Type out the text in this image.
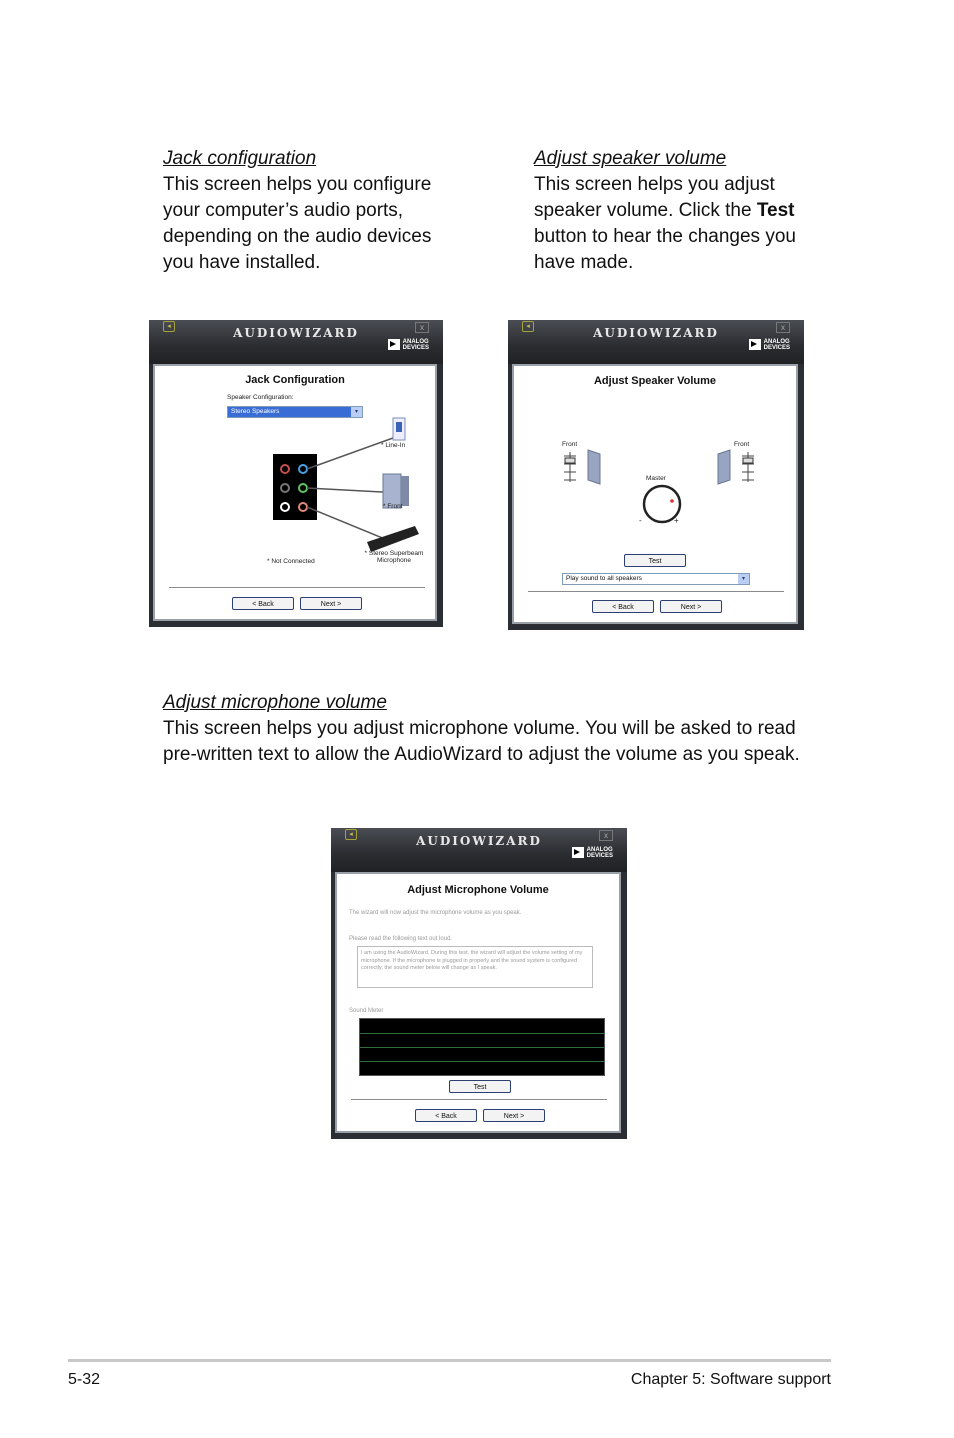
Jack configuration
This screen helps you configure your computer’s audio ports, depending on the audio devices you have installed.
Adjust speaker volume
This screen helps you adjust speaker volume. Click the Test button to hear the changes you have made.
◂	AUDIOWIZARD	x
ANALOG
DEVICES
Jack Configuration
Speaker Configuration:
Stereo Speakers	▾
* Line-In
* Front
* Not Connected
* Stereo Superbeam
Microphone
< Back	Next >
◂	AUDIOWIZARD	x
ANALOG
DEVICES
Adjust Speaker Volume
Front	Front
Master
-	+
Test
Play sound to all speakers	▾
< Back	Next >
Adjust microphone volume
This screen helps you adjust microphone volume. You will be asked to read pre-written text to allow the AudioWizard to adjust the volume as you speak.
◂	AUDIOWIZARD	x
ANALOG
DEVICES
Adjust Microphone Volume
The wizard will now adjust the microphone volume as you speak.
Please read the following text out loud.
I am using the AudioWizard. During this test, the wizard will adjust the volume setting of my microphone. If the microphone is plugged in properly and the sound system is configured correctly, the sound meter below will change as I speak.
Sound Meter
Test
< Back	Next >
5-32	Chapter 5: Software support
